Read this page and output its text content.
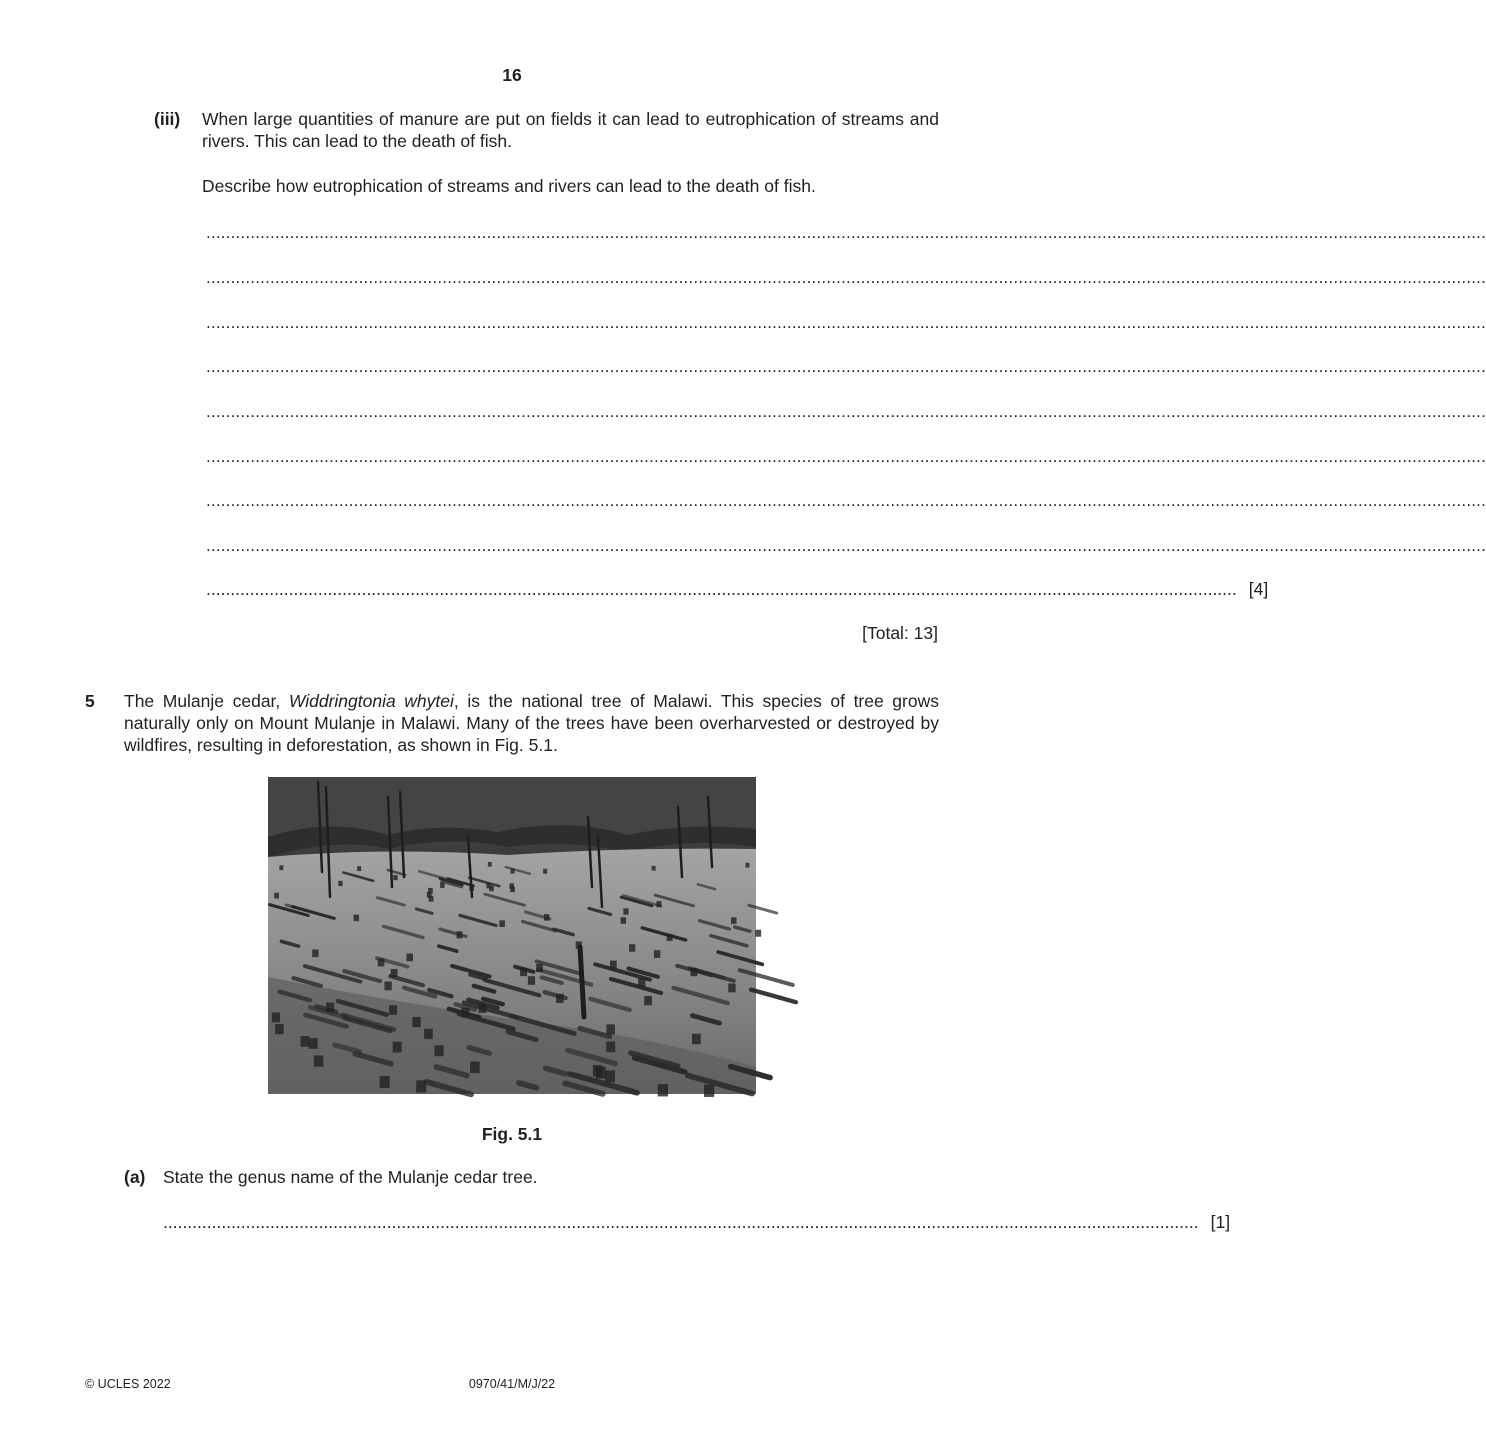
16
(iii) When large quantities of manure are put on fields it can lead to eutrophication of streams and rivers. This can lead to the death of fish.
Describe how eutrophication of streams and rivers can lead to the death of fish.
....................................................................................................................................................................................................................................................................
....................................................................................................................................................................................................................................................................
....................................................................................................................................................................................................................................................................
....................................................................................................................................................................................................................................................................
....................................................................................................................................................................................................................................................................
....................................................................................................................................................................................................................................................................
....................................................................................................................................................................................................................................................................
....................................................................................................................................................................................................................................................................
.................................................................................................................................................................................................................... [4]
[Total: 13]
5 The Mulanje cedar, Widdringtonia whytei, is the national tree of Malawi. This species of tree grows naturally only on Mount Mulanje in Malawi. Many of the trees have been overharvested or destroyed by wildfires, resulting in deforestation, as shown in Fig. 5.1.
Fig. 5.1
(a) State the genus name of the Mulanje cedar tree.
..................................................................................................................................................................................................................... [1]
© UCLES 2022	0970/41/M/J/22
